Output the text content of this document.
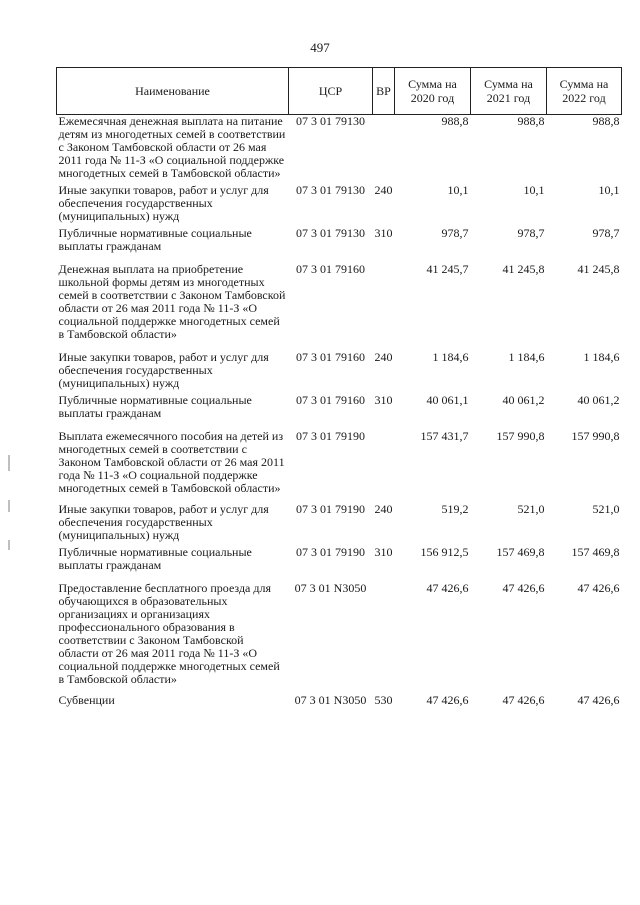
497
Наименование	ЦСР	ВР	Сумма на 2020 год	Сумма на 2021 год	Сумма на 2022 год
Ежемесячная денежная выплата на питание детям из многодетных семей в соответствии с Законом Тамбовской области от 26 мая 2011 года № 11-З «О социальной поддержке многодетных семей в Тамбовской области»	07 3 01 79130		988,8	988,8	988,8
Иные закупки товаров, работ и услуг для обеспечения государственных (муниципальных) нужд	07 3 01 79130	240	10,1	10,1	10,1
Публичные нормативные социальные выплаты гражданам	07 3 01 79130	310	978,7	978,7	978,7
Денежная выплата на приобретение школьной формы детям из многодетных семей в соответствии с Законом Тамбовской области от 26 мая 2011 года № 11-З «О социальной поддержке многодетных семей в Тамбовской области»	07 3 01 79160		41 245,7	41 245,8	41 245,8
Иные закупки товаров, работ и услуг для обеспечения государственных (муниципальных) нужд	07 3 01 79160	240	1 184,6	1 184,6	1 184,6
Публичные нормативные социальные выплаты гражданам	07 3 01 79160	310	40 061,1	40 061,2	40 061,2
Выплата ежемесячного пособия на детей из многодетных семей в соответствии с Законом Тамбовской области от 26 мая 2011 года № 11-З «О социальной поддержке многодетных семей в Тамбовской области»	07 3 01 79190		157 431,7	157 990,8	157 990,8
Иные закупки товаров, работ и услуг для обеспечения государственных (муниципальных) нужд	07 3 01 79190	240	519,2	521,0	521,0
Публичные нормативные социальные выплаты гражданам	07 3 01 79190	310	156 912,5	157 469,8	157 469,8
Предоставление бесплатного проезда для обучающихся в образовательных организациях и организациях профессионального образования в соответствии с Законом Тамбовской области от 26 мая 2011 года № 11-З «О социальной поддержке многодетных семей в Тамбовской области»	07 3 01 N3050		47 426,6	47 426,6	47 426,6
Субвенции	07 3 01 N3050	530	47 426,6	47 426,6	47 426,6
